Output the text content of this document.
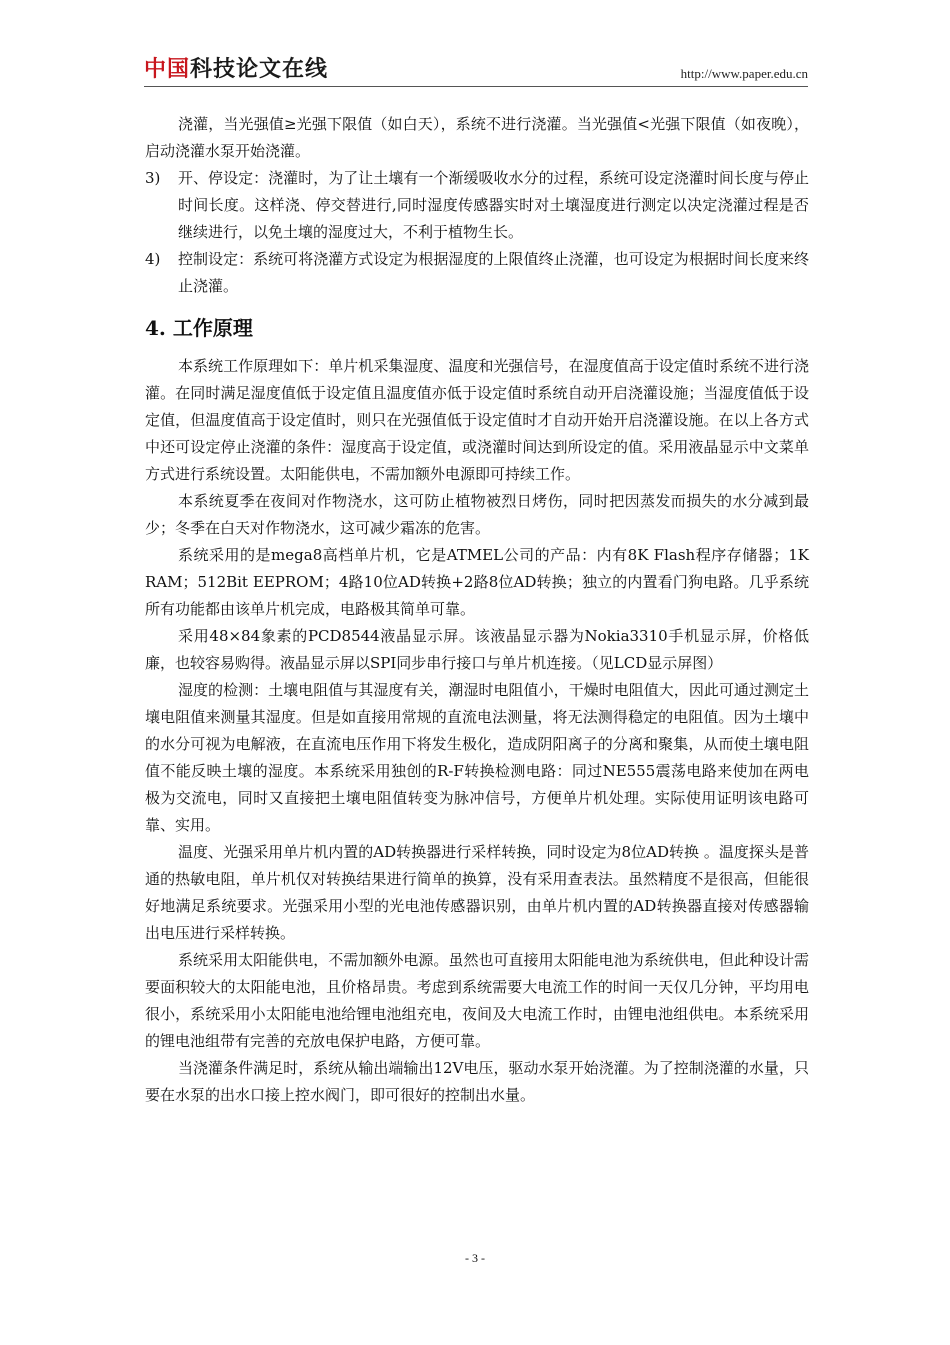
中国科技论文在线	http://www.paper.edu.cn

浇灌，当光强值≥光强下限值（如白天），系统不进行浇灌。当光强值<光强下限值（如夜晚），启动浇灌水泵开始浇灌。

3)	开、停设定：浇灌时，为了让土壤有一个渐缓吸收水分的过程，系统可设定浇灌时间长度与停止时间长度。这样浇、停交替进行,同时湿度传感器实时对土壤湿度进行测定以决定浇灌过程是否继续进行，以免土壤的湿度过大，不利于植物生长。
4)	控制设定：系统可将浇灌方式设定为根据湿度的上限值终止浇灌，也可设定为根据时间长度来终止浇灌。
4. 工作原理

本系统工作原理如下：单片机采集湿度、温度和光强信号，在湿度值高于设定值时系统不进行浇灌。在同时满足湿度值低于设定值且温度值亦低于设定值时系统自动开启浇灌设施；当湿度值低于设定值，但温度值高于设定值时，则只在光强值低于设定值时才自动开始开启浇灌设施。在以上各方式中还可设定停止浇灌的条件：湿度高于设定值，或浇灌时间达到所设定的值。采用液晶显示中文菜单方式进行系统设置。太阳能供电，不需加额外电源即可持续工作。

本系统夏季在夜间对作物浇水，这可防止植物被烈日烤伤，同时把因蒸发而损失的水分减到最少；冬季在白天对作物浇水，这可减少霜冻的危害。

系统采用的是mega8高档单片机，它是ATMEL公司的产品：内有8K Flash程序存储器；1K RAM；512Bit EEPROM；4路10位AD转换+2路8位AD转换；独立的内置看门狗电路。几乎系统所有功能都由该单片机完成，电路极其简单可靠。

采用48×84象素的PCD8544液晶显示屏。该液晶显示器为Nokia3310手机显示屏，价格低廉，也较容易购得。液晶显示屏以SPI同步串行接口与单片机连接。（见LCD显示屏图）

湿度的检测：土壤电阻值与其湿度有关，潮湿时电阻值小，干燥时电阻值大，因此可通过测定土壤电阻值来测量其湿度。但是如直接用常规的直流电法测量，将无法测得稳定的电阻值。因为土壤中的水分可视为电解液，在直流电压作用下将发生极化，造成阴阳离子的分离和聚集，从而使土壤电阻值不能反映土壤的湿度。本系统采用独创的R-F转换检测电路：同过NE555震荡电路来使加在两电极为交流电，同时又直接把土壤电阻值转变为脉冲信号，方便单片机处理。实际使用证明该电路可靠、实用。

温度、光强采用单片机内置的AD转换器进行采样转换，同时设定为8位AD转换 。温度探头是普通的热敏电阻，单片机仅对转换结果进行简单的换算，没有采用查表法。虽然精度不是很高，但能很好地满足系统要求。光强采用小型的光电池传感器识别，由单片机内置的AD转换器直接对传感器输出电压进行采样转换。

系统采用太阳能供电，不需加额外电源。虽然也可直接用太阳能电池为系统供电，但此种设计需要面积较大的太阳能电池，且价格昂贵。考虑到系统需要大电流工作的时间一天仅几分钟，平均用电很小，系统采用小太阳能电池给锂电池组充电，夜间及大电流工作时，由锂电池组供电。本系统采用的锂电池组带有完善的充放电保护电路，方便可靠。

当浇灌条件满足时，系统从输出端输出12V电压，驱动水泵开始浇灌。为了控制浇灌的水量，只要在水泵的出水口接上控水阀门，即可很好的控制出水量。

- 3 -
